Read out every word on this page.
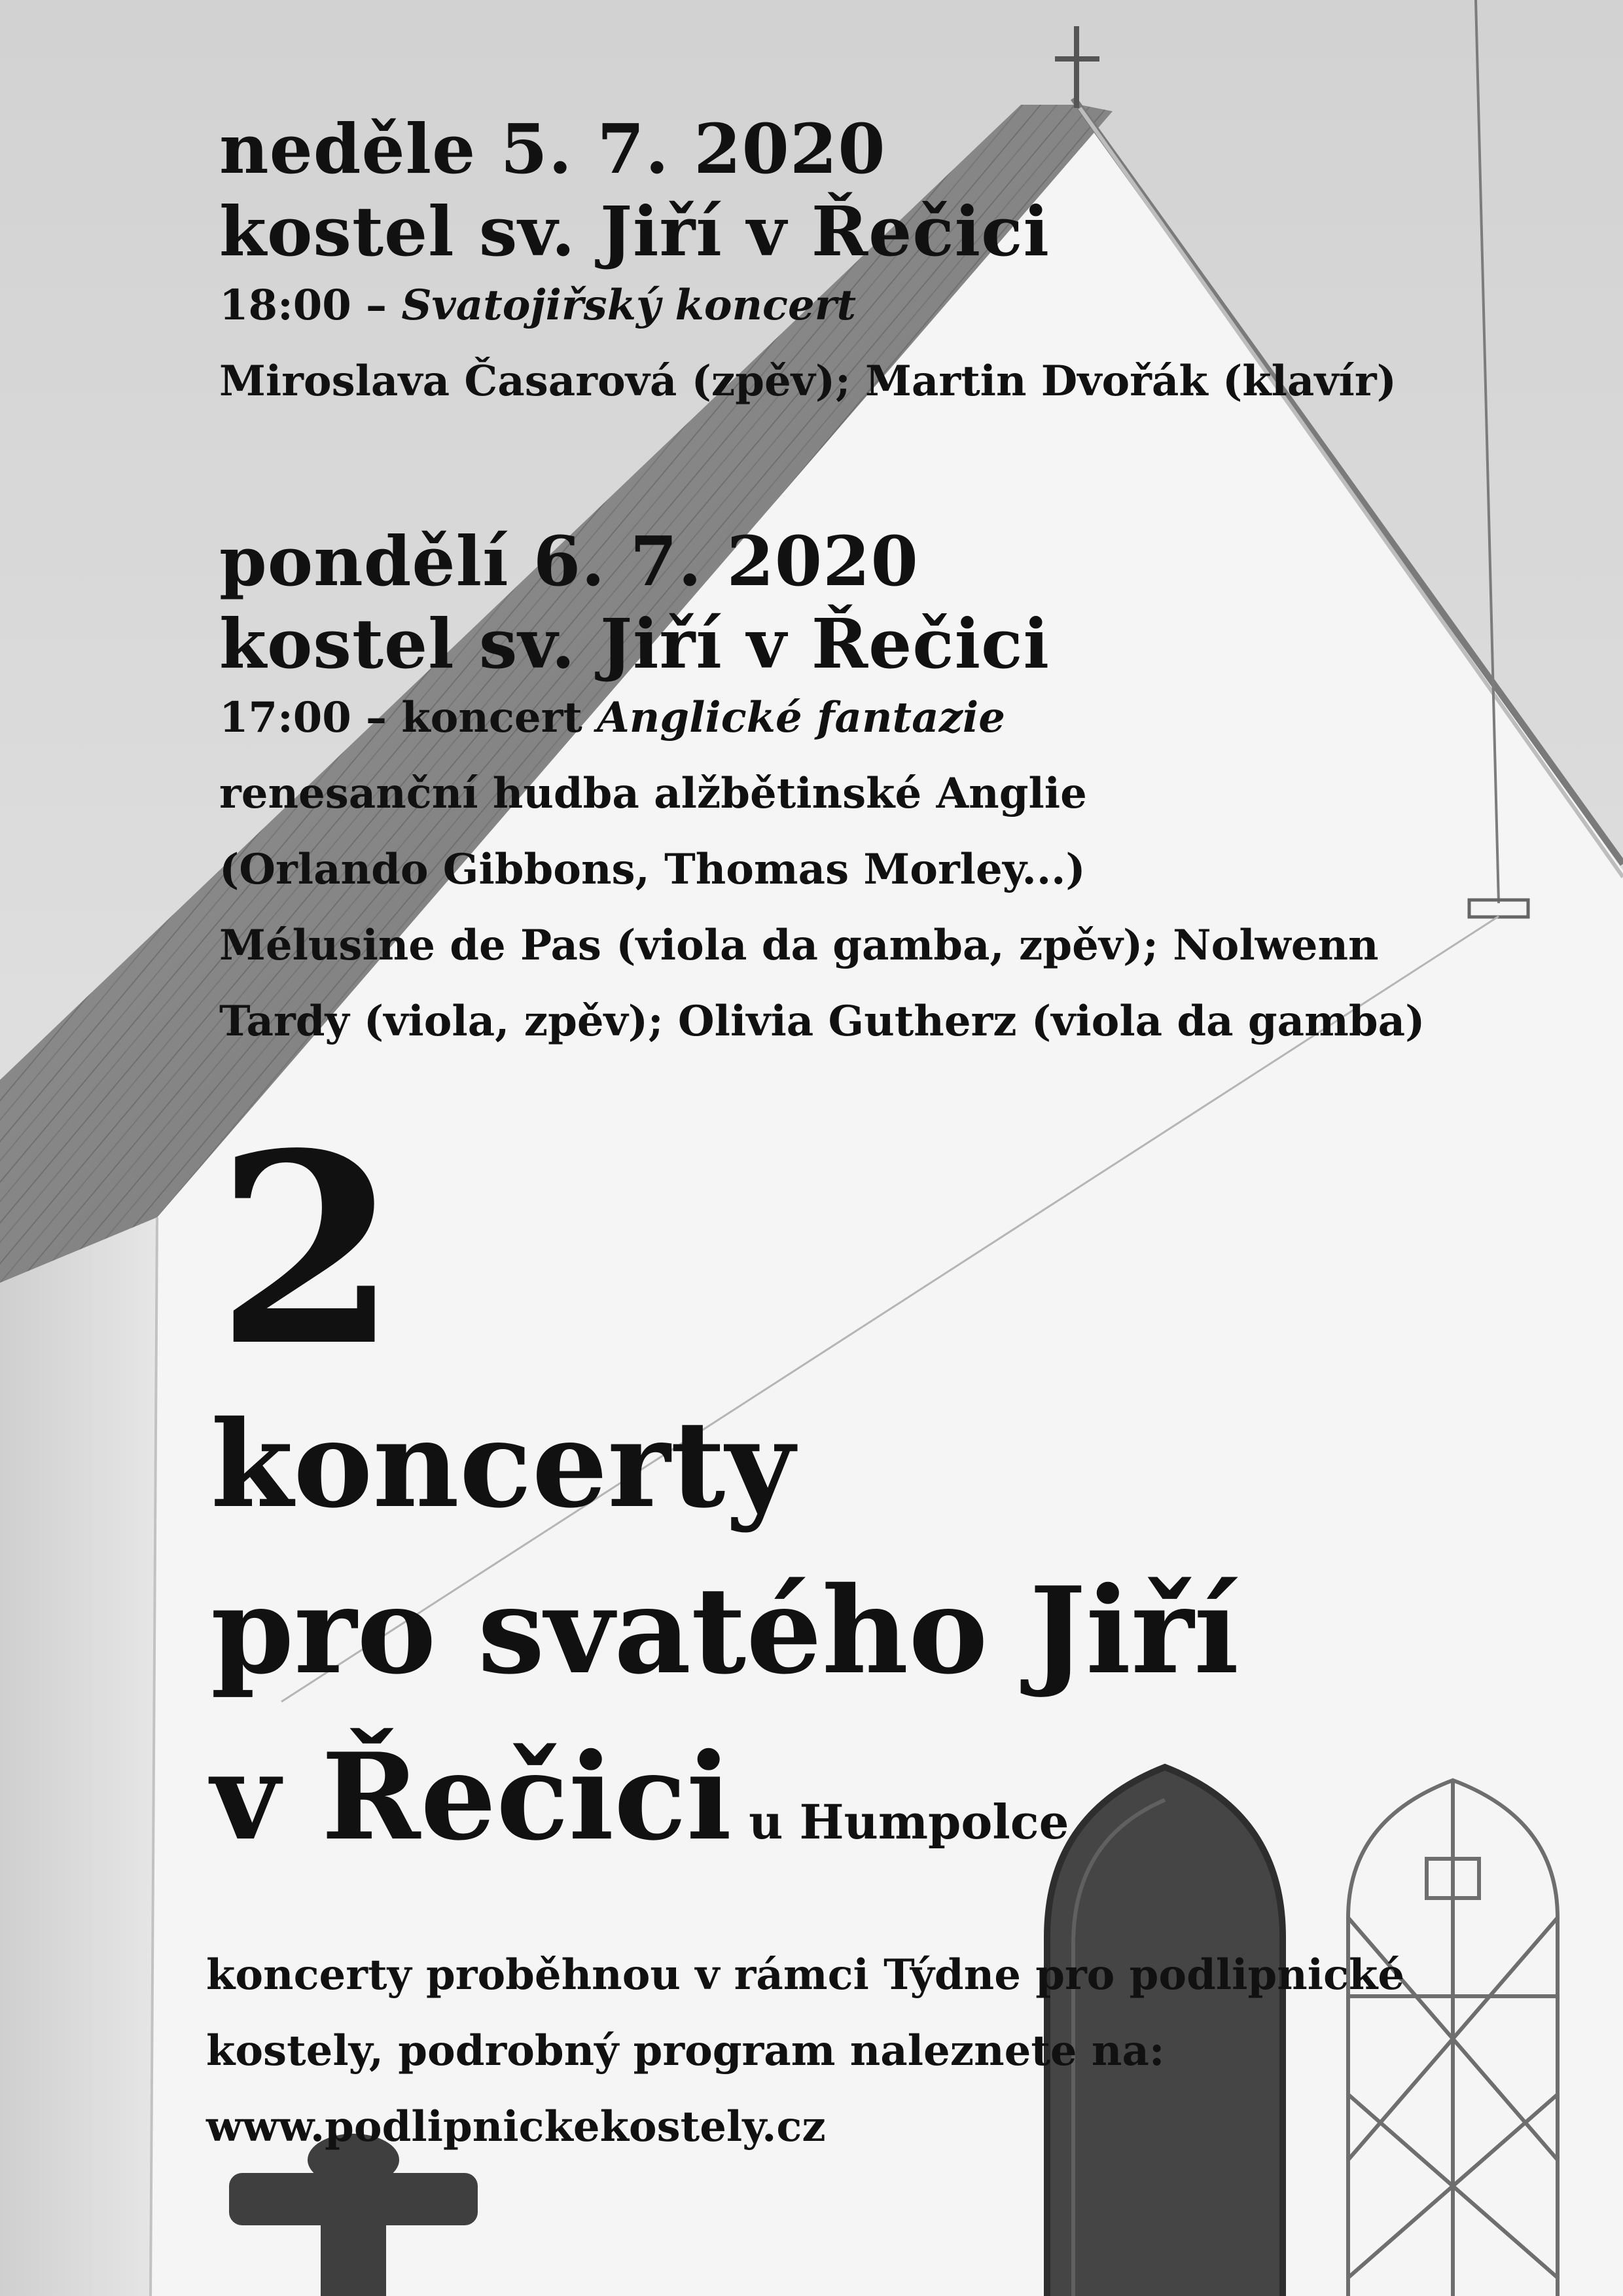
neděle 5. 7. 2020
kostel sv. Jiří v Řečici
18:00 – Svatojiřský koncert
Miroslava Časarová (zpěv); Martin Dvořák (klavír)
pondělí 6. 7. 2020
kostel sv. Jiří v Řečici
17:00 – koncert Anglické fantazie
renesanční hudba alžbětinské Anglie
(Orlando Gibbons, Thomas Morley...)
Mélusine de Pas (viola da gamba, zpěv); Nolwenn
Tardy (viola, zpěv); Olivia Gutherz (viola da gamba)
2
koncerty
pro svatého Jiří
v Řečici u Humpolce
koncerty proběhnou v rámci Týdne pro podlipnické
kostely, podrobný program naleznete na:
www.podlipnickekostely.cz
